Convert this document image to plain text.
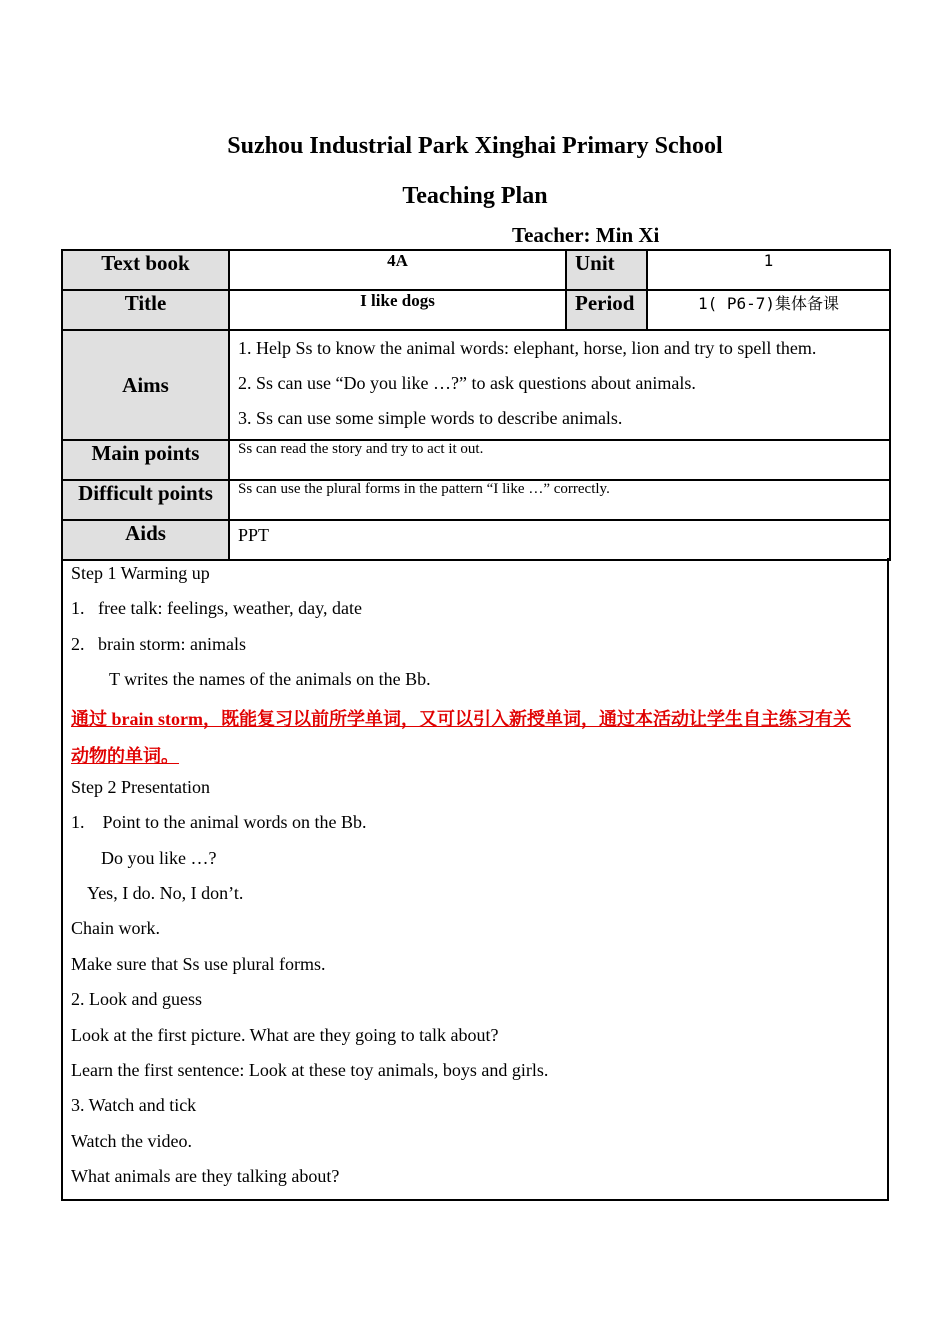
Suzhou Industrial Park Xinghai Primary School
Teaching Plan
Teacher: Min Xi
Text book	4A	Unit	1
Title	I like dogs	Period	1( P6-7)集体备课
Aims	1. Help Ss to know the animal words: elephant, horse, lion and try to spell them.
2. Ss can use “Do you like …?” to ask questions about animals.
3. Ss can use some simple words to describe animals.		

Main points	Ss can read the story and try to act it out.		
Difficult points	Ss can use the plural forms in the pattern “I like …” correctly.		
Aids	PPT		
Step 1 Warming up
1.   free talk: feelings, weather, day, date
2.   brain storm: animals
T writes the names of the animals on the Bb.
通过 brain storm，既能复习以前所学单词，又可以引入新授单词，通过本活动让学生自主练习有关
动物的单词。
Step 2 Presentation
1.    Point to the animal words on the Bb.
Do you like …?
Yes, I do. No, I don’t.
Chain work.
Make sure that Ss use plural forms.
2. Look and guess
Look at the first picture. What are they going to talk about?
Learn the first sentence: Look at these toy animals, boys and girls.
3. Watch and tick
Watch the video.
What animals are they talking about?
